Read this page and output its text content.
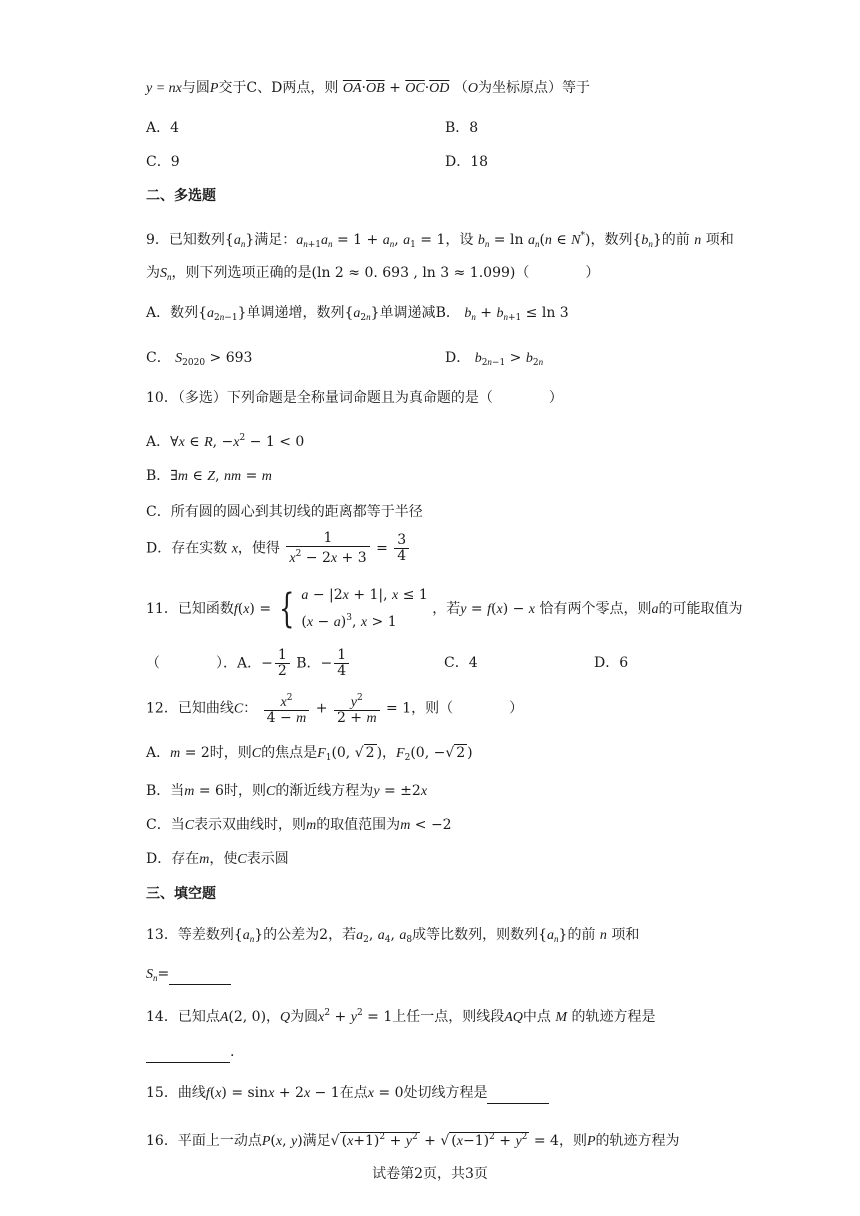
y = nx与圆P交于C、D两点，则 $\overline{OA}\cdot\overline{OB} + \overline{OC}\cdot\overline{OD}$ （O为坐标原点）等于
A．4	B．8
C．9	D．18
二、多选题
9．已知数列$\{a_n\}$满足：$a_{n+1}a_n = 1 + a_n$, $a_1 = 1$，设 $b_n = \ln a_n(n$ ∈ N*)，数列$\{b_n\}$的前 n 项和
为$S_n$，则下列选项正确的是(ln 2 ≈ 0. 693 , ln 3 ≈ 1.099)（　　　　）
A．数列$\{a_{2n-1}\}$单调递增，数列$\{a_{2n}\}$单调递减B． $b_n + b_{n+1} \le \ln 3$
C． $S_{2020} > 693$	D． $b_{2n-1} > b_{2n}$
10．（多选）下列命题是全称量词命题且为真命题的是（　　　　）
A．∀x ∈ R, $-x^2 - 1 < 0$
B．∃m ∈ Z, nm = m
C．所有圆的圆心到其切线的距离都等于半径
D．存在实数 x，使得 $\frac{1}{x^2 - 2x + 3} = \frac{3}{4}$
11．已知函数f(x) = { a − |2x + 1|, x ≤ 1
$(x - a)^3$, x > 1 ，若y = f(x) − x 恰有两个零点，则a的可能取值为
（　　　　）．A．− $\frac{1}{2}$ B．− $\frac{1}{4}$	C．4	D．6
12．已知曲线C： $\frac{x^2}{4 - m} + \frac{y^2}{2 + m} = 1$，则（　　　　）
A．m = 2时，则C的焦点是$F_1(0$, √ 2 )，$F_2(0$, −√ 2 )
B．当m = 6时，则C的渐近线方程为y = ±2x
C．当C表示双曲线时，则m的取值范围为m < −2
D．存在m，使C表示圆
三、填空题
13．等差数列$\{a_n\}$的公差为2，若$a_2$, $a_4$, $a_8$成等比数列，则数列$\{a_n\}$的前 n 项和
$S_n=$
14．已知点A(2, 0)，Q为圆$x^2 + y^2 = 1$上任一点，则线段AQ中点 M 的轨迹方程是
.
15．曲线f(x) = sinx + 2x − 1在点x = 0处切线方程是
16．平面上一动点P(x, y)满足√ $(x+1)^2 + y^2$ + √ $(x-1)^2 + y^2 = 4$，则P的轨迹方程为
试卷第2页，共3页
